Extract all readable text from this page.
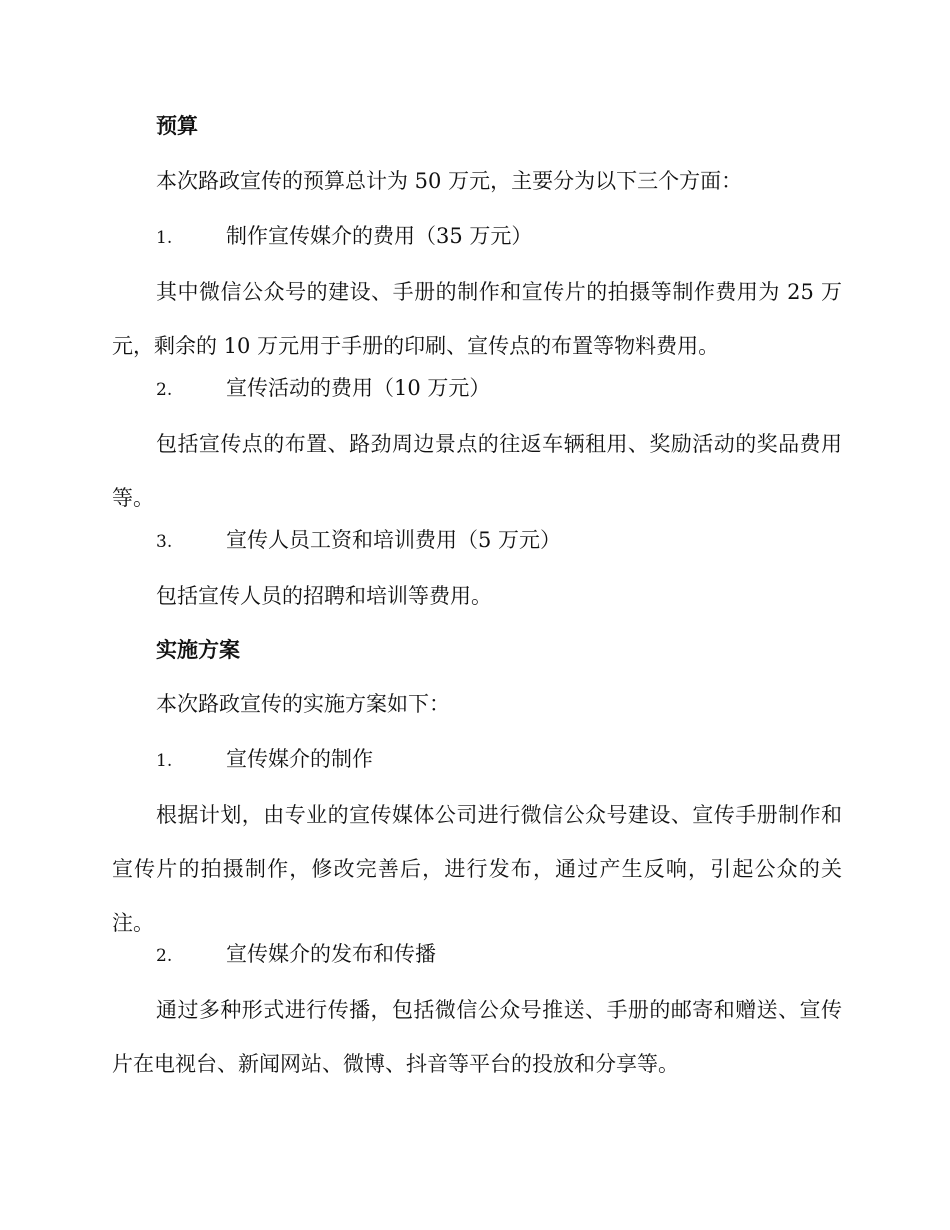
预算
本次路政宣传的预算总计为 50 万元，主要分为以下三个方面：
1.	制作宣传媒介的费用（35 万元）
其中微信公众号的建设、手册的制作和宣传片的拍摄等制作费用为 25 万元，剩余的 10 万元用于手册的印刷、宣传点的布置等物料费用。
2.	宣传活动的费用（10 万元）
包括宣传点的布置、路劲周边景点的往返车辆租用、奖励活动的奖品费用等。
3.	宣传人员工资和培训费用（5 万元）
包括宣传人员的招聘和培训等费用。
实施方案
本次路政宣传的实施方案如下：
1.	宣传媒介的制作
根据计划，由专业的宣传媒体公司进行微信公众号建设、宣传手册制作和宣传片的拍摄制作，修改完善后，进行发布，通过产生反响，引起公众的关注。
2.	宣传媒介的发布和传播
通过多种形式进行传播，包括微信公众号推送、手册的邮寄和赠送、宣传片在电视台、新闻网站、微博、抖音等平台的投放和分享等。
